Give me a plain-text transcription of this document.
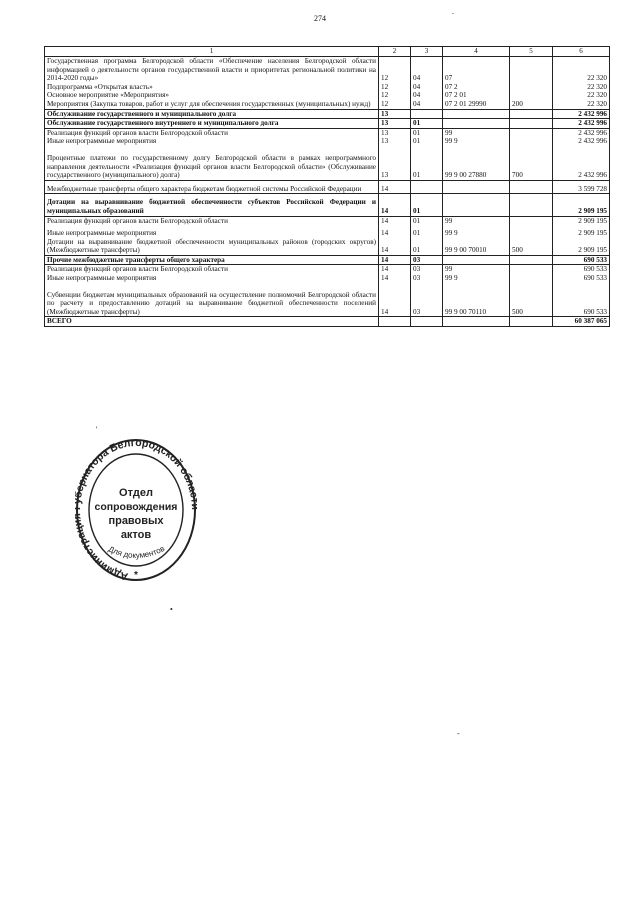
274
.
'
•
-
1	2	3	4	5	6
Государственная программа Белгородской области «Обеспечение населения Белгородской области информацией о деятельности органов государственной власти и приоритетах региональной политики на 2014-2020 годы»	12	04	07		22 320
Подпрограмма «Открытая власть»	12	04	07 2		22 320
Основное мероприятие «Мероприятия»	12	04	07 2 01		22 320
Мероприятия (Закупка товаров, работ и услуг для обеспечения государственных (муниципальных) нужд)	12	04	07 2 01 29990	200	22 320
Обслуживание государственного и муниципального долга	13				2 432 996
Обслуживание государственного внутреннего и муниципального долга	13	01			2 432 996
Реализация функций органов власти Белгородской области	13	01	99		2 432 996
Иные непрограммные мероприятия	13	01	99 9		2 432 996
Процентные платежи по государственному долгу Белгородской области в рамках непрограммного направления деятельности «Реализация функций органов власти Белгородской области» (Обслуживание государственного (муниципального) долга)	13	01	99 9 00 27880	700	2 432 996
Межбюджетные трансферты общего характера бюджетам бюджетной системы Российской Федерации	14				3 599 728
Дотации на выравнивание бюджетной обеспеченности субъектов Российской Федерации и муниципальных образований	14	01			2 909 195
Реализация функций органов власти Белгородской области	14	01	99		2 909 195
Иные непрограммные мероприятия	14	01	99 9		2 909 195
Дотации на выравнивание бюджетной обеспеченности муниципальных районов (городских округов) (Межбюджетные трансферты)	14	01	99 9 00 70010	500	2 909 195
Прочие межбюджетные трансферты общего характера	14	03			690 533
Реализация функций органов власти Белгородской области	14	03	99		690 533
Иные непрограммные мероприятия	14	03	99 9		690 533
Субвенции бюджетам муниципальных образований на осуществление полномочий Белгородской области по расчету и предоставлению дотаций на выравнивание бюджетной обеспеченности поселений (Межбюджетные трансферты)	14	03	99 9 00 70110	500	690 533
ВСЕГО					60 387 065
Администра рнатора Белгородской обл
Для документов
Отдел
сопровождения
правовых
актов
*
